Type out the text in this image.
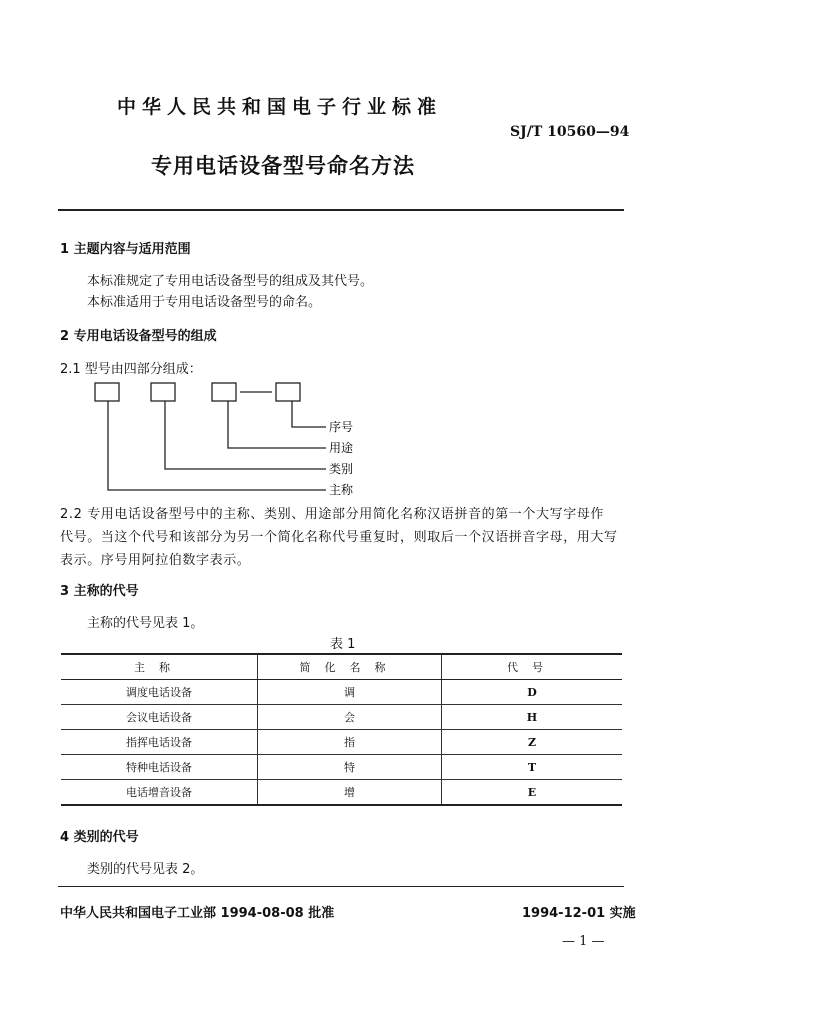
中华人民共和国电子行业标准
SJ/T 10560—94
专用电话设备型号命名方法
1 主题内容与适用范围
本标准规定了专用电话设备型号的组成及其代号。
本标准适用于专用电话设备型号的命名。
2 专用电话设备型号的组成
2.1 型号由四部分组成：
序号
用途
类别
主称
2.2 专用电话设备型号中的主称、类别、用途部分用简化名称汉语拼音的第一个大写字母作
代号。当这个代号和该部分为另一个简化名称代号重复时，则取后一个汉语拼音字母，用大写
表示。序号用阿拉伯数字表示。
3 主称的代号
主称的代号见表 1。
表 1
主称	简化名称	代号
调度电话设备	调	D
会议电话设备	会	H
指挥电话设备	指	Z
特种电话设备	特	T
电话增音设备	增	E
4 类别的代号
类别的代号见表 2。
中华人民共和国电子工业部 1994-08-08 批准	1994-12-01 实施
— 1 —
